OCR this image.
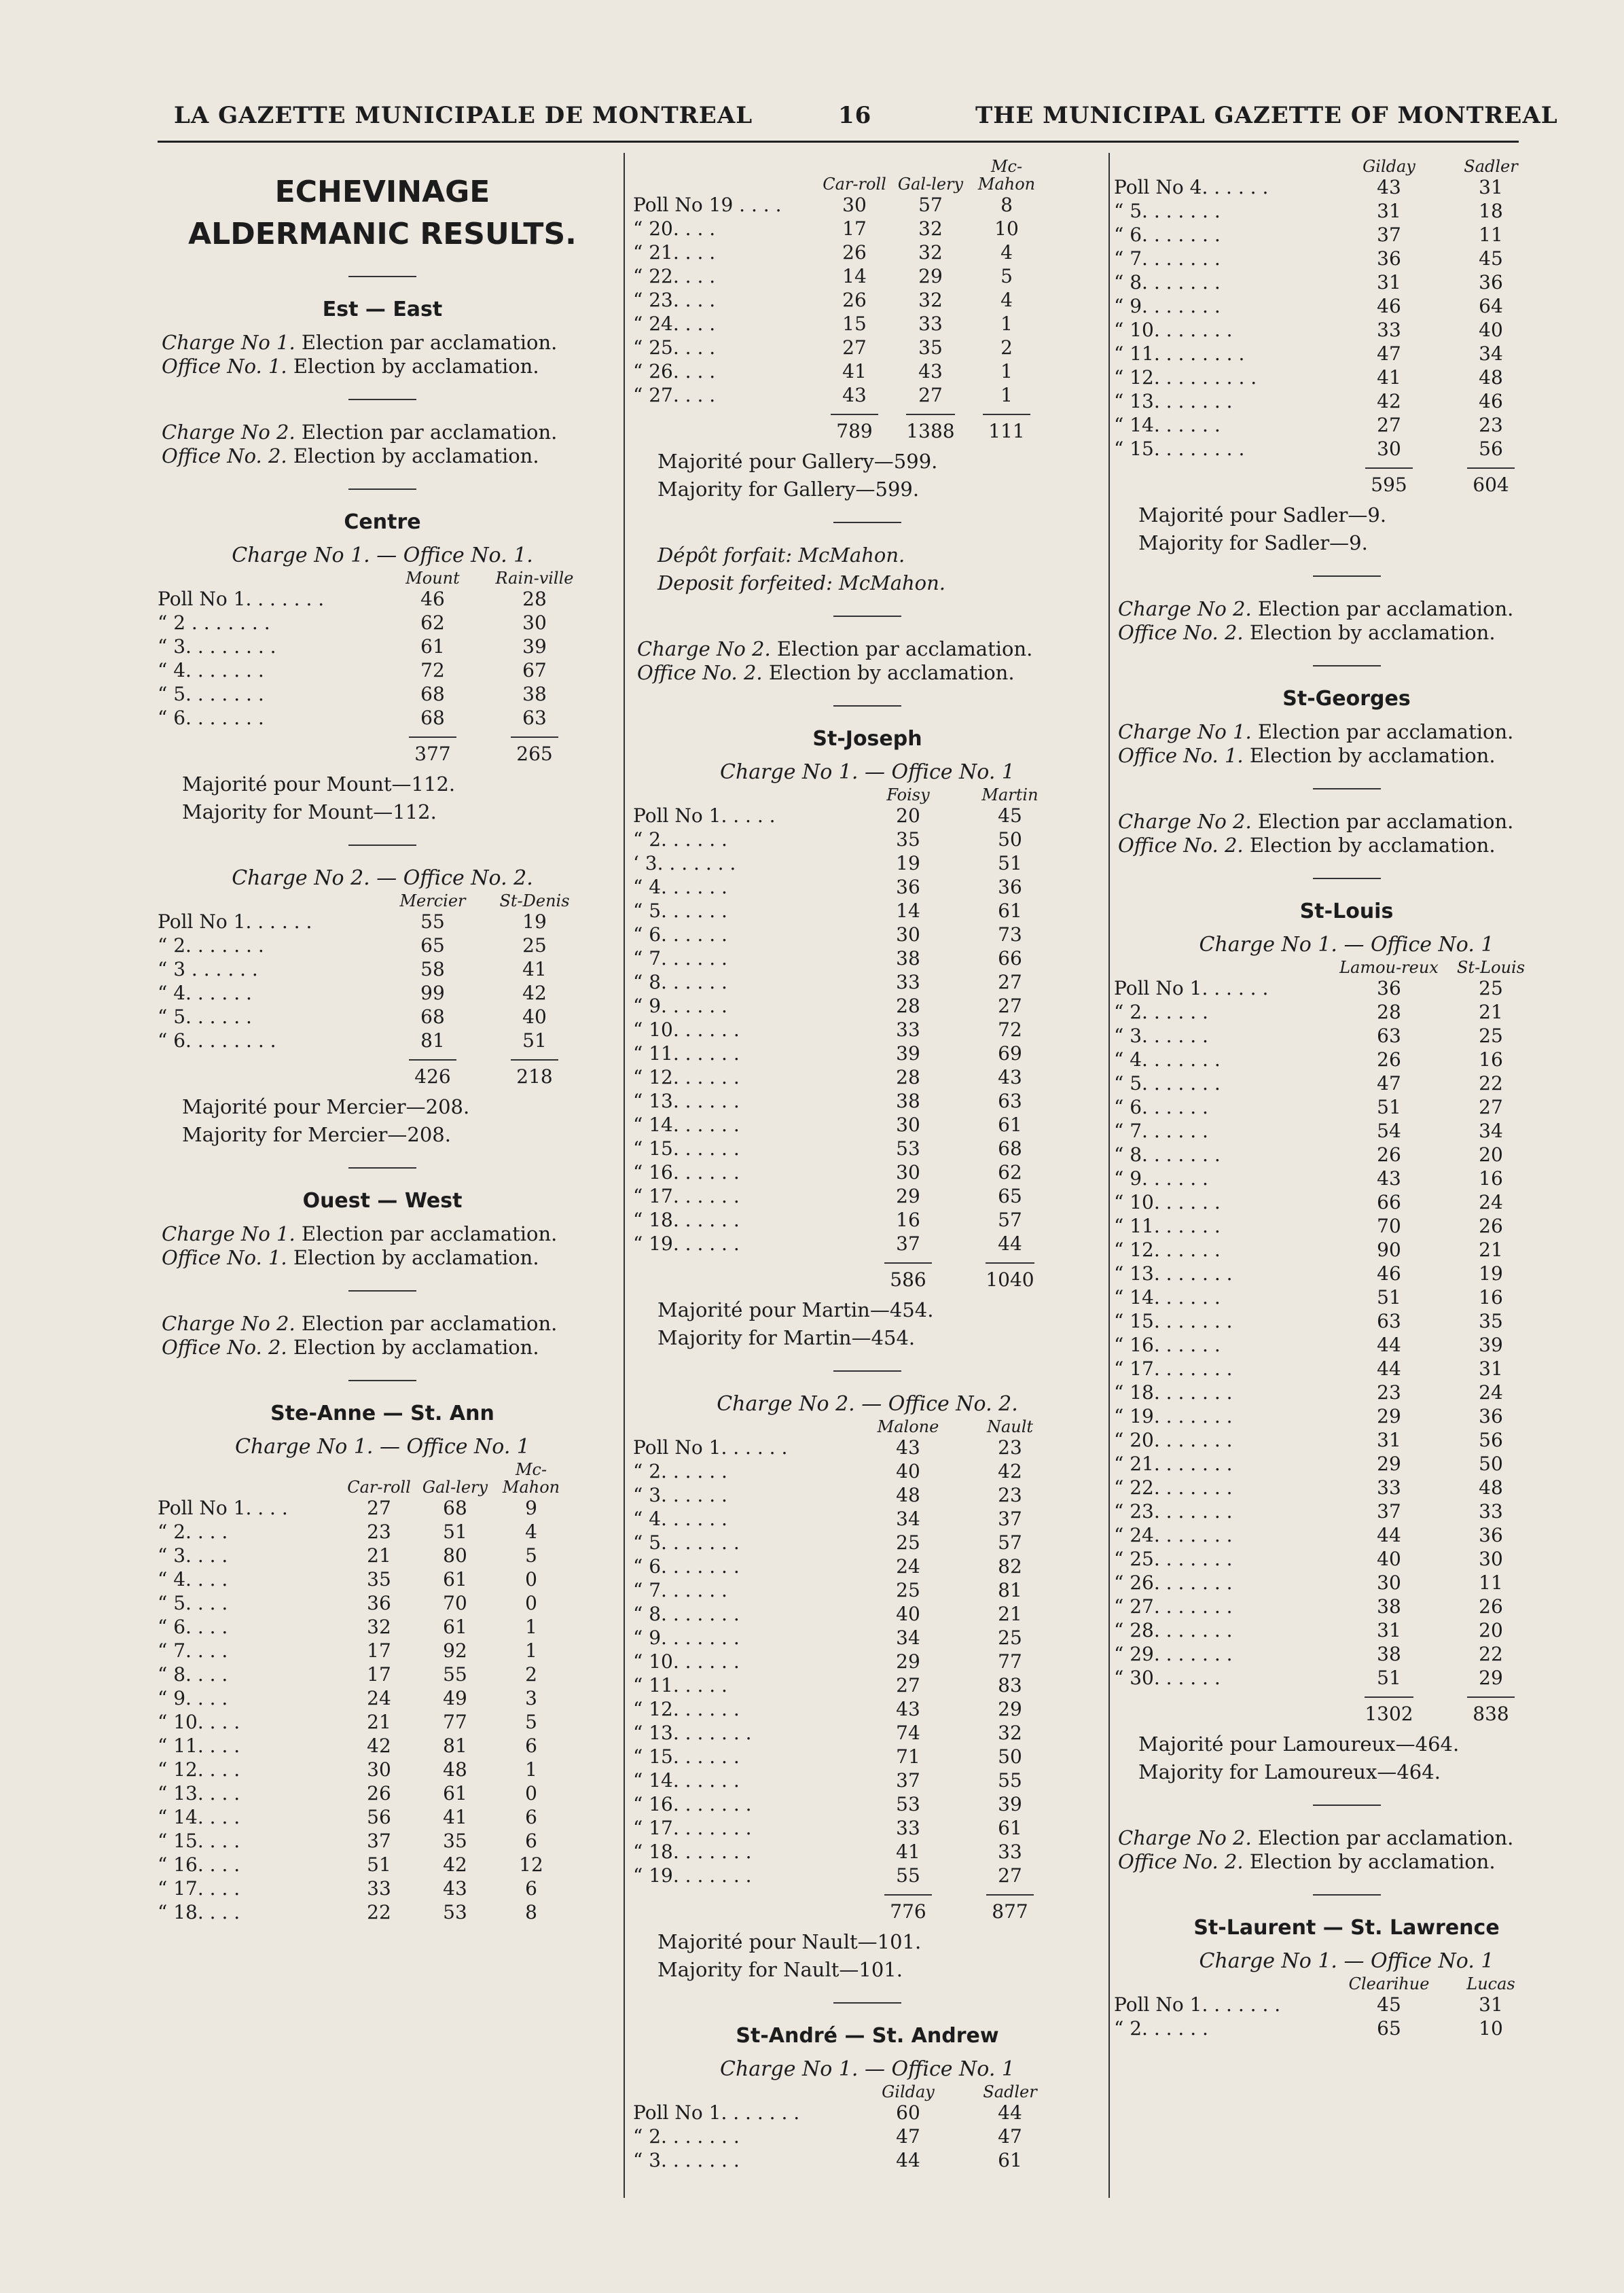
LA GAZETTE MUNICIPALE DE MONTREAL	16	THE MUNICIPAL GAZETTE OF MONTREAL
ECHEVINAGE
ALDERMANIC RESULTS.
Est — East
Charge No 1. Election par acclamation.
Office No. 1. Election by acclamation.
Charge No 2. Election par acclamation.
Office No. 2. Election by acclamation.
Centre
Charge No 1. — Office No. 1.
	Mount	Rain-ville
Poll No 1. . . . . . .	46	28
“ 2 . . . . . . .	62	30
“ 3. . . . . . . .	61	39
“ 4. . . . . . .	72	67
“ 5. . . . . . .	68	38
“ 6. . . . . . .	68	63
	377	265
Majorité pour Mount—112.
Majority for Mount—112.
Charge No 2. — Office No. 2.
	Mercier	St-Denis
Poll No 1. . . . . .	55	19
“ 2. . . . . . .	65	25
“ 3 . . . . . .	58	41
“ 4. . . . . .	99	42
“ 5. . . . . .	68	40
“ 6. . . . . . . .	81	51
	426	218
Majorité pour Mercier—208.
Majority for Mercier—208.
Ouest — West
Charge No 1. Election par acclamation.
Office No. 1. Election by acclamation.
Charge No 2. Election par acclamation.
Office No. 2. Election by acclamation.
Ste-Anne — St. Ann
Charge No 1. — Office No. 1
	Car-roll	Gal-lery	Mc-Mahon
Poll No 1. . . .	27	68	9
“ 2. . . .	23	51	4
“ 3. . . .	21	80	5
“ 4. . . .	35	61	0
“ 5. . . .	36	70	0
“ 6. . . .	32	61	1
“ 7. . . .	17	92	1
“ 8. . . .	17	55	2
“ 9. . . .	24	49	3
“ 10. . . .	21	77	5
“ 11. . . .	42	81	6
“ 12. . . .	30	48	1
“ 13. . . .	26	61	0
“ 14. . . .	56	41	6
“ 15. . . .	37	35	6
“ 16. . . .	51	42	12
“ 17. . . .	33	43	6
“ 18. . . .	22	53	8
	Car-roll	Gal-lery	Mc-Mahon
Poll No 19 . . . .	30	57	8
“ 20. . . .	17	32	10
“ 21. . . .	26	32	4
“ 22. . . .	14	29	5
“ 23. . . .	26	32	4
“ 24. . . .	15	33	1
“ 25. . . .	27	35	2
“ 26. . . .	41	43	1
“ 27. . . .	43	27	1
	789	1388	111
Majorité pour Gallery—599.
Majority for Gallery—599.
Dépôt forfait: McMahon.
Deposit forfeited: McMahon.
Charge No 2. Election par acclamation.
Office No. 2. Election by acclamation.
St-Joseph
Charge No 1. — Office No. 1
	Foisy	Martin
Poll No 1. . . . .	20	45
“ 2. . . . . .	35	50
‘ 3. . . . . . .	19	51
“ 4. . . . . .	36	36
“ 5. . . . . .	14	61
“ 6. . . . . .	30	73
“ 7. . . . . .	38	66
“ 8. . . . . .	33	27
“ 9. . . . . .	28	27
“ 10. . . . . .	33	72
“ 11. . . . . .	39	69
“ 12. . . . . .	28	43
“ 13. . . . . .	38	63
“ 14. . . . . .	30	61
“ 15. . . . . .	53	68
“ 16. . . . . .	30	62
“ 17. . . . . .	29	65
“ 18. . . . . .	16	57
“ 19. . . . . .	37	44
	586	1040
Majorité pour Martin—454.
Majority for Martin—454.
Charge No 2. — Office No. 2.
	Malone	Nault
Poll No 1. . . . . .	43	23
“ 2. . . . . .	40	42
“ 3. . . . . .	48	23
“ 4. . . . . .	34	37
“ 5. . . . . . .	25	57
“ 6. . . . . . .	24	82
“ 7. . . . . .	25	81
“ 8. . . . . . .	40	21
“ 9. . . . . . .	34	25
“ 10. . . . . .	29	77
“ 11. . . . .	27	83
“ 12. . . . . .	43	29
“ 13. . . . . . .	74	32
“ 15. . . . . .	71	50
“ 14. . . . . .	37	55
“ 16. . . . . . .	53	39
“ 17. . . . . . .	33	61
“ 18. . . . . . .	41	33
“ 19. . . . . . .	55	27
	776	877
Majorité pour Nault—101.
Majority for Nault—101.
St-André — St. Andrew
Charge No 1. — Office No. 1
	Gilday	Sadler
Poll No 1. . . . . . .	60	44
“ 2. . . . . . .	47	47
“ 3. . . . . . .	44	61
	Gilday	Sadler
Poll No 4. . . . . .	43	31
“ 5. . . . . . .	31	18
“ 6. . . . . . .	37	11
“ 7. . . . . . .	36	45
“ 8. . . . . . .	31	36
“ 9. . . . . . .	46	64
“ 10. . . . . . .	33	40
“ 11. . . . . . . .	47	34
“ 12. . . . . . . . .	41	48
“ 13. . . . . . .	42	46
“ 14. . . . . .	27	23
“ 15. . . . . . . .	30	56
	595	604
Majorité pour Sadler—9.
Majority for Sadler—9.
Charge No 2. Election par acclamation.
Office No. 2. Election by acclamation.
St-Georges
Charge No 1. Election par acclamation.
Office No. 1. Election by acclamation.
Charge No 2. Election par acclamation.
Office No. 2. Election by acclamation.
St-Louis
Charge No 1. — Office No. 1
	Lamou-reux	St-Louis
Poll No 1. . . . . .	36	25
“ 2. . . . . .	28	21
“ 3. . . . . .	63	25
“ 4. . . . . . .	26	16
“ 5. . . . . . .	47	22
“ 6. . . . . .	51	27
“ 7. . . . . .	54	34
“ 8. . . . . . .	26	20
“ 9. . . . . .	43	16
“ 10. . . . . .	66	24
“ 11. . . . . .	70	26
“ 12. . . . . .	90	21
“ 13. . . . . . .	46	19
“ 14. . . . . .	51	16
“ 15. . . . . . .	63	35
“ 16. . . . . .	44	39
“ 17. . . . . . .	44	31
“ 18. . . . . . .	23	24
“ 19. . . . . . .	29	36
“ 20. . . . . . .	31	56
“ 21. . . . . . .	29	50
“ 22. . . . . . .	33	48
“ 23. . . . . . .	37	33
“ 24. . . . . . .	44	36
“ 25. . . . . . .	40	30
“ 26. . . . . . .	30	11
“ 27. . . . . . .	38	26
“ 28. . . . . . .	31	20
“ 29. . . . . . .	38	22
“ 30. . . . . .	51	29
	1302	838
Majorité pour Lamoureux—464.
Majority for Lamoureux—464.
Charge No 2. Election par acclamation.
Office No. 2. Election by acclamation.
St-Laurent — St. Lawrence
Charge No 1. — Office No. 1
	Clearihue	Lucas
Poll No 1. . . . . . .	45	31
“ 2. . . . . .	65	10
